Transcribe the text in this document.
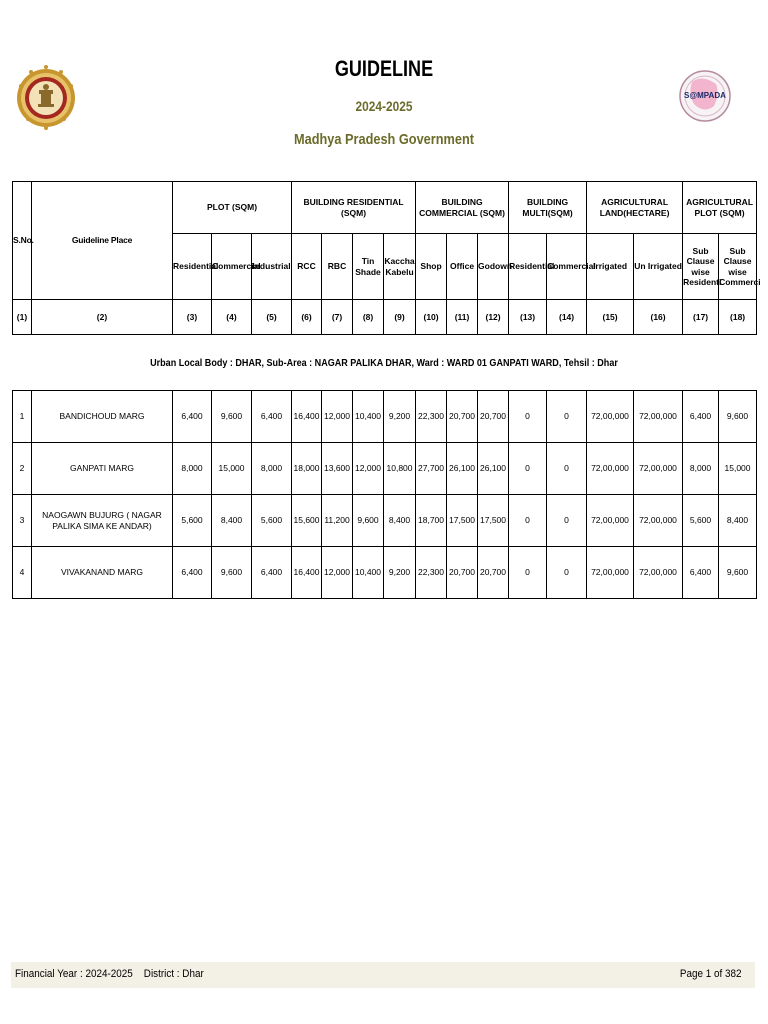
S@MPADA
GUIDELINE
2024-2025
Madhya Pradesh Government
S.No.	Guideline Place	PLOT (SQM)			BUILDING RESIDENTIAL (SQM)				BUILDING COMMERCIAL (SQM)			BUILDING MULTI(SQM)		AGRICULTURAL LAND(HECTARE)		AGRICULTURAL PLOT (SQM)	
		Residential	Commercial	Industrial	RCC	RBC	Tin Shade	Kaccha Kabelu	Shop	Office	Godown	Residential	Commercial	Irrigated	Un Irrigated	Sub Clause wise Residenti	Sub Clause wise Commerci
(1)	(2)	(3)	(4)	(5)	(6)	(7)	(8)	(9)	(10)	(11)	(12)	(13)	(14)	(15)	(16)	(17)	(18)
Urban Local Body : DHAR, Sub-Area : NAGAR PALIKA DHAR, Ward : WARD 01 GANPATI WARD, Tehsil : Dhar
1	BANDICHOUD MARG	6,400	9,600	6,400	16,400	12,000	10,400	9,200	22,300	20,700	20,700	0	0	72,00,000	72,00,000	6,400	9,600
2	GANPATI MARG	8,000	15,000	8,000	18,000	13,600	12,000	10,800	27,700	26,100	26,100	0	0	72,00,000	72,00,000	8,000	15,000
3	NAOGAWN BUJURG ( NAGAR PALIKA SIMA KE ANDAR)	5,600	8,400	5,600	15,600	11,200	9,600	8,400	18,700	17,500	17,500	0	0	72,00,000	72,00,000	5,600	8,400
4	VIVAKANAND MARG	6,400	9,600	6,400	16,400	12,000	10,400	9,200	22,300	20,700	20,700	0	0	72,00,000	72,00,000	6,400	9,600
Financial Year : 2024-2025    District : Dhar	Page 1 of 382
